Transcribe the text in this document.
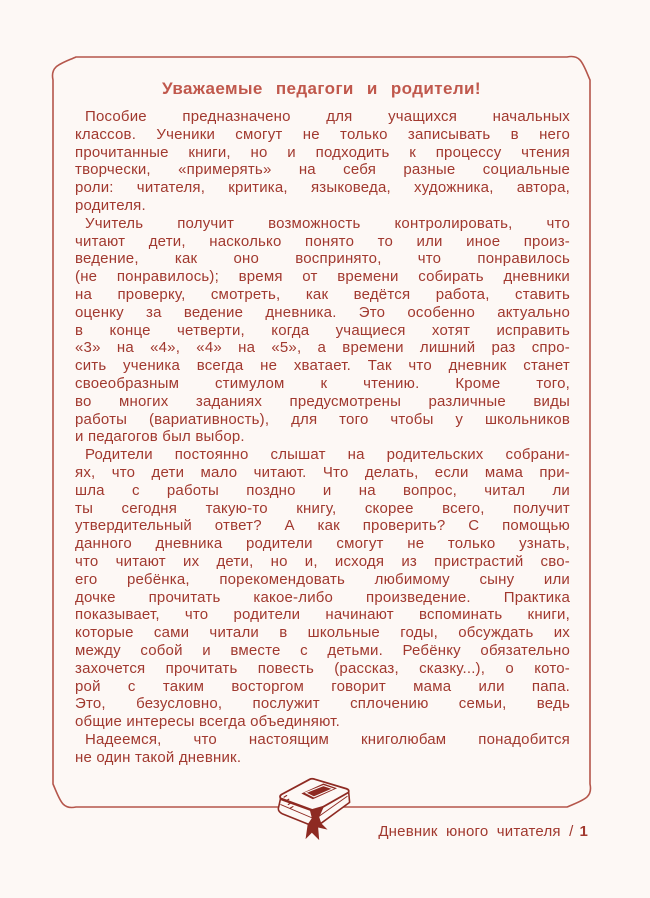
Уважаемые педагоги и родители!
Пособие предназначено для учащихся начальных
классов. Ученики смогут не только записывать в него
прочитанные книги, но и подходить к процессу чтения
творчески, «примерять» на себя разные социальные
роли: читателя, критика, языковеда, художника, автора,
родителя.
Учитель получит возможность контролировать, что
читают дети, насколько понято то или иное произ-
ведение, как оно воспринято, что понравилось
(не понравилось); время от времени собирать дневники
на проверку, смотреть, как ведётся работа, ставить
оценку за ведение дневника. Это особенно актуально
в конце четверти, когда учащиеся хотят исправить
«3» на «4», «4» на «5», а времени лишний раз спро-
сить ученика всегда не хватает. Так что дневник станет
своеобразным стимулом к чтению. Кроме того,
во многих заданиях предусмотрены различные виды
работы (вариативность), для того чтобы у школьников
и педагогов был выбор.
Родители постоянно слышат на родительских собрани-
ях, что дети мало читают. Что делать, если мама при-
шла с работы поздно и на вопрос, читал ли
ты сегодня такую-то книгу, скорее всего, получит
утвердительный ответ? А как проверить? С помощью
данного дневника родители смогут не только узнать,
что читают их дети, но и, исходя из пристрастий сво-
его ребёнка, порекомендовать любимому сыну или
дочке прочитать какое-либо произведение. Практика
показывает, что родители начинают вспоминать книги,
которые сами читали в школьные годы, обсуждать их
между собой и вместе с детьми. Ребёнку обязательно
захочется прочитать повесть (рассказ, сказку...), о кото-
рой с таким восторгом говорит мама или папа.
Это, безусловно, послужит сплочению семьи, ведь
общие интересы всегда объединяют.
Надеемся, что настоящим книголюбам понадобится
не один такой дневник.
Дневник юного читателя / 1
